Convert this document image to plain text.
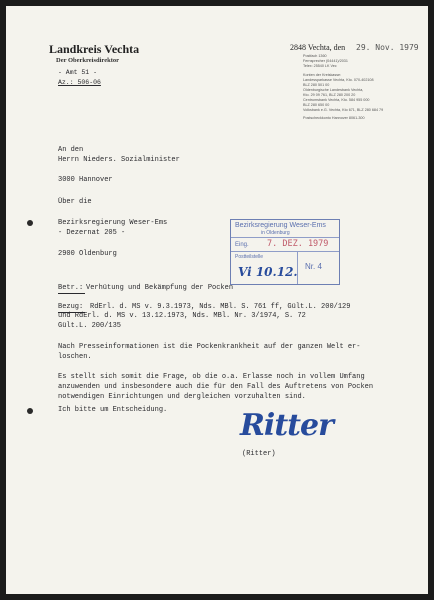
Landkreis Vechta
Der Oberkreisdirektor
- Amt 51 -
Az.: 506-06
2848 Vechta, den 29. Nov. 1979
Postfach 1360
Fernsprecher (04441)/2031
Telex: 25540 LK Vec
Konten der Kreiskasse:
Landessparkasse Vechta, Kto. 070-402108
BLZ 280 501 00
Oldenburgische Landesbank Vechta,
Kto. 29 09 761, BLZ 280 200 20
Centrumsbank Vechta, Kto. 584 955 000
BLZ 280 650 00
Volksbank e.G. Vechta, Kto 671, BLZ 280 684 79
Postscheckkonto Hannover 8061-300
An den
Herrn Nieders. Sozialminister
3000 Hannover
Über die
Bezirksregierung Weser-Ems
- Dezernat 205 -
2900 Oldenburg
Bezirksregierung Weser-Ems
in Oldenburg
Eing. 7. DEZ. 1979
Postteilstelle
Nr. 4
Vi 10.12.
Betr.: Verhütung und Bekämpfung der Pocken
Bezug: RdErl. d. MS v. 9.3.1973, Nds. MBl. S. 761 ff, Gült.L. 200/129
und RdErl. d. MS v. 13.12.1973, Nds. MBl. Nr. 3/1974, S. 72
Gült.L. 200/135
Nach Presseinformationen ist die Pockenkrankheit auf der ganzen Welt er-
loschen.
Es stellt sich somit die Frage, ob die o.a. Erlasse noch in vollem Umfang
anzuwenden und insbesondere auch die für den Fall des Auftretens von Pocken
notwendigen Einrichtungen und dergleichen vorzuhalten sind.
Ich bitte um Entscheidung. Ritter
(Ritter)
